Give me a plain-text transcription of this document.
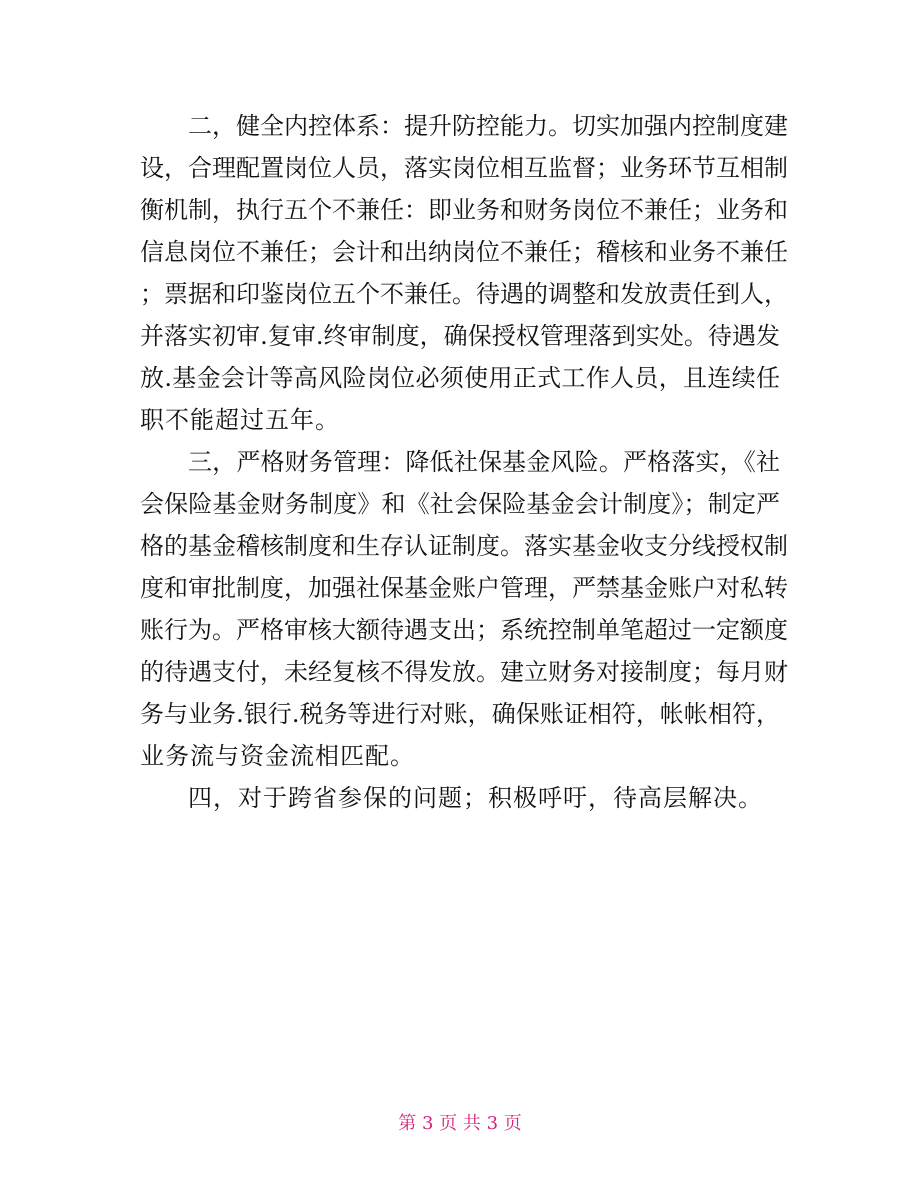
二，健全内控体系：提升防控能力。切实加强内控制度建
设，合理配置岗位人员，落实岗位相互监督；业务环节互相制
衡机制，执行五个不兼任：即业务和财务岗位不兼任；业务和
信息岗位不兼任；会计和出纳岗位不兼任；稽核和业务不兼任
；票据和印鉴岗位五个不兼任。待遇的调整和发放责任到人，
并落实初审.复审.终审制度，确保授权管理落到实处。待遇发
放.基金会计等高风险岗位必须使用正式工作人员，且连续任
职不能超过五年。
三，严格财务管理：降低社保基金风险。严格落实，《社
会保险基金财务制度》和《社会保险基金会计制度》；制定严
格的基金稽核制度和生存认证制度。落实基金收支分线授权制
度和审批制度，加强社保基金账户管理，严禁基金账户对私转
账行为。严格审核大额待遇支出；系统控制单笔超过一定额度
的待遇支付，未经复核不得发放。建立财务对接制度；每月财
务与业务.银行.税务等进行对账，确保账证相符，帐帐相符，
业务流与资金流相匹配。
四，对于跨省参保的问题；积极呼吁，待高层解决。
第 3 页 共 3 页
